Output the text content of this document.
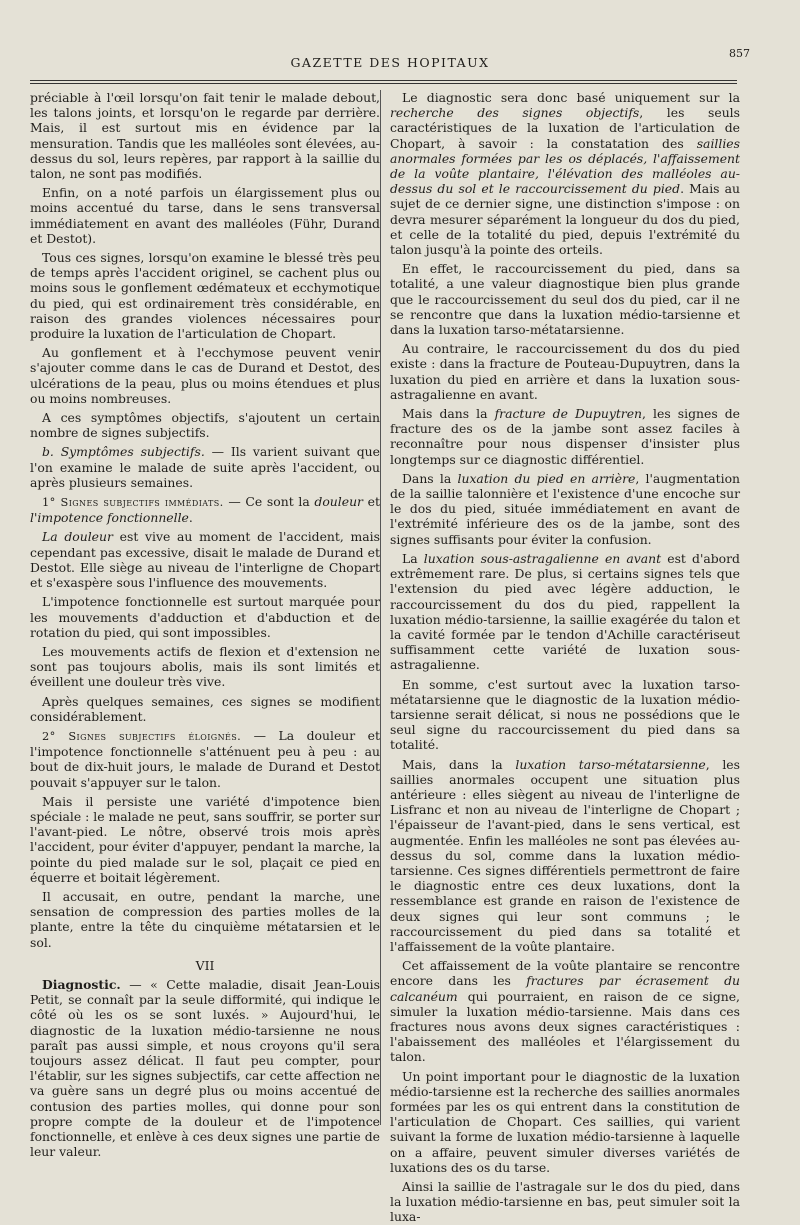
GAZETTE DES HOPITAUX
857

préciable à l'œil lorsqu'on fait tenir le malade debout, les talons joints, et lorsqu'on le regarde par derrière. Mais, il est surtout mis en évidence par la mensuration. Tandis que les malléoles sont élevées, au-dessus du sol, leurs repères, par rapport à la saillie du talon, ne sont pas modifiés.

Enfin, on a noté parfois un élargissement plus ou moins accentué du tarse, dans le sens transversal immédiatement en avant des malléoles (Führ, Durand et Destot).

Tous ces signes, lorsqu'on examine le blessé très peu de temps après l'accident originel, se cachent plus ou moins sous le gonflement œdémateux et ecchymotique du pied, qui est ordinairement très considérable, en raison des grandes violences nécessaires pour produire la luxation de l'articulation de Chopart.

Au gonflement et à l'ecchymose peuvent venir s'ajouter comme dans le cas de Durand et Destot, des ulcérations de la peau, plus ou moins étendues et plus ou moins nombreuses.

A ces symptômes objectifs, s'ajoutent un certain nombre de signes subjectifs.

b. Symptômes subjectifs. — Ils varient suivant que l'on examine le malade de suite après l'accident, ou après plusieurs semaines.

1° Signes subjectifs immédiats. — Ce sont la douleur et l'impotence fonctionnelle.

La douleur est vive au moment de l'accident, mais cependant pas excessive, disait le malade de Durand et Destot. Elle siège au niveau de l'interligne de Chopart et s'exaspère sous l'influence des mouvements.

L'impotence fonctionnelle est surtout marquée pour les mouvements d'adduction et d'abduction et de rotation du pied, qui sont impossibles.

Les mouvements actifs de flexion et d'extension ne sont pas toujours abolis, mais ils sont limités et éveillent une douleur très vive.

Après quelques semaines, ces signes se modifient considérablement.

2° Signes subjectifs éloignés. — La douleur et l'impotence fonctionnelle s'atténuent peu à peu : au bout de dix-huit jours, le malade de Durand et Destot pouvait s'appuyer sur le talon.

Mais il persiste une variété d'impotence bien spéciale : le malade ne peut, sans souffrir, se porter sur l'avant-pied. Le nôtre, observé trois mois après l'accident, pour éviter d'appuyer, pendant la marche, la pointe du pied malade sur le sol, plaçait ce pied en équerre et boitait légèrement.

Il accusait, en outre, pendant la marche, une sensation de compression des parties molles de la plante, entre la tête du cinquième métatarsien et le sol.

VII

Diagnostic. — « Cette maladie, disait Jean-Louis Petit, se connaît par la seule difformité, qui indique le côté où les os se sont luxés. » Aujourd'hui, le diagnostic de la luxation médio-tarsienne ne nous paraît pas aussi simple, et nous croyons qu'il sera toujours assez délicat. Il faut peu compter, pour l'établir, sur les signes subjectifs, car cette affection ne va guère sans un degré plus ou moins accentué de contusion des parties molles, qui donne pour son propre compte de la douleur et de l'impotence fonctionnelle, et enlève à ces deux signes une partie de leur valeur.

Le diagnostic sera donc basé uniquement sur la recherche des signes objectifs, les seuls caractéristiques de la luxation de l'articulation de Chopart, à savoir : la constatation des saillies anormales formées par les os déplacés, l'affaissement de la voûte plantaire, l'élévation des malléoles au-dessus du sol et le raccourcissement du pied. Mais au sujet de ce dernier signe, une distinction s'impose : on devra mesurer séparément la longueur du dos du pied, et celle de la totalité du pied, depuis l'extrémité du talon jusqu'à la pointe des orteils.

En effet, le raccourcissement du pied, dans sa totalité, a une valeur diagnostique bien plus grande que le raccourcissement du seul dos du pied, car il ne se rencontre que dans la luxation médio-tarsienne et dans la luxation tarso-métatarsienne.

Au contraire, le raccourcissement du dos du pied existe : dans la fracture de Pouteau-Dupuytren, dans la luxation du pied en arrière et dans la luxation sous-astragalienne en avant.

Mais dans la fracture de Dupuytren, les signes de fracture des os de la jambe sont assez faciles à reconnaître pour nous dispenser d'insister plus longtemps sur ce diagnostic différentiel.

Dans la luxation du pied en arrière, l'augmentation de la saillie talonnière et l'existence d'une encoche sur le dos du pied, située immédiatement en avant de l'extrémité inférieure des os de la jambe, sont des signes suffisants pour éviter la confusion.

La luxation sous-astragalienne en avant est d'abord extrêmement rare. De plus, si certains signes tels que l'extension du pied avec légère adduction, le raccourcissement du dos du pied, rappellent la luxation médio-tarsienne, la saillie exagérée du talon et la cavité formée par le tendon d'Achille caractériseut suffisamment cette variété de luxation sous-astragalienne.

En somme, c'est surtout avec la luxation tarso-métatarsienne que le diagnostic de la luxation médio-tarsienne serait délicat, si nous ne possédions que le seul signe du raccourcissement du pied dans sa totalité.

Mais, dans la luxation tarso-métatarsienne, les saillies anormales occupent une situation plus antérieure : elles siègent au niveau de l'interligne de Lisfranc et non au niveau de l'interligne de Chopart ; l'épaisseur de l'avant-pied, dans le sens vertical, est augmentée. Enfin les malléoles ne sont pas élevées au-dessus du sol, comme dans la luxation médio-tarsienne. Ces signes différentiels permettront de faire le diagnostic entre ces deux luxations, dont la ressemblance est grande en raison de l'existence de deux signes qui leur sont communs ; le raccourcissement du pied dans sa totalité et l'affaissement de la voûte plantaire.

Cet affaissement de la voûte plantaire se rencontre encore dans les fractures par écrasement du calcanéum qui pourraient, en raison de ce signe, simuler la luxation médio-tarsienne. Mais dans ces fractures nous avons deux signes caractéristiques : l'abaissement des malléoles et l'élargissement du talon.

Un point important pour le diagnostic de la luxation médio-tarsienne est la recherche des saillies anormales formées par les os qui entrent dans la constitution de l'articulation de Chopart. Ces saillies, qui varient suivant la forme de luxation médio-tarsienne à laquelle on a affaire, peuvent simuler diverses variétés de luxations des os du tarse.

Ainsi la saillie de l'astragale sur le dos du pied, dans la luxation médio-tarsienne en bas, peut simuler soit la luxa-
